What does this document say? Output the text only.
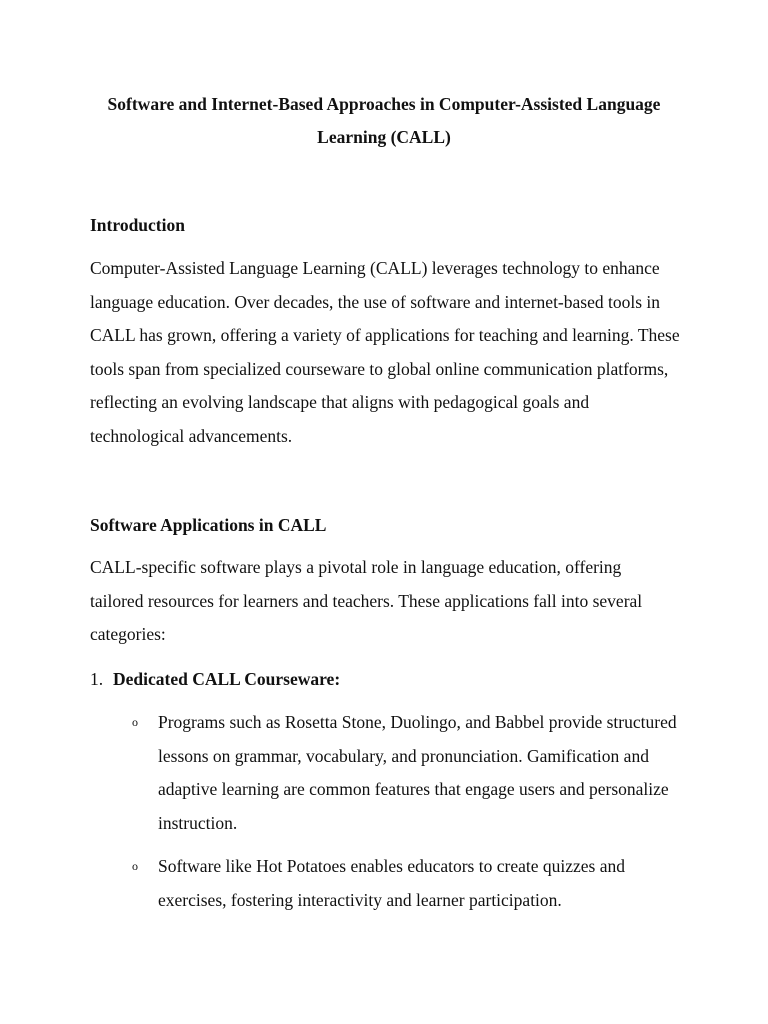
Software and Internet-Based Approaches in Computer-Assisted Language Learning (CALL)
Introduction

Computer-Assisted Language Learning (CALL) leverages technology to enhance language education. Over decades, the use of software and internet-based tools in CALL has grown, offering a variety of applications for teaching and learning. These tools span from specialized courseware to global online communication platforms, reflecting an evolving landscape that aligns with pedagogical goals and technological advancements.

Software Applications in CALL

CALL-specific software plays a pivotal role in language education, offering tailored resources for learners and teachers. These applications fall into several categories:

1. Dedicated CALL Courseware:
o Programs such as Rosetta Stone, Duolingo, and Babbel provide structured lessons on grammar, vocabulary, and pronunciation. Gamification and adaptive learning are common features that engage users and personalize instruction.
o Software like Hot Potatoes enables educators to create quizzes and exercises, fostering interactivity and learner participation.
